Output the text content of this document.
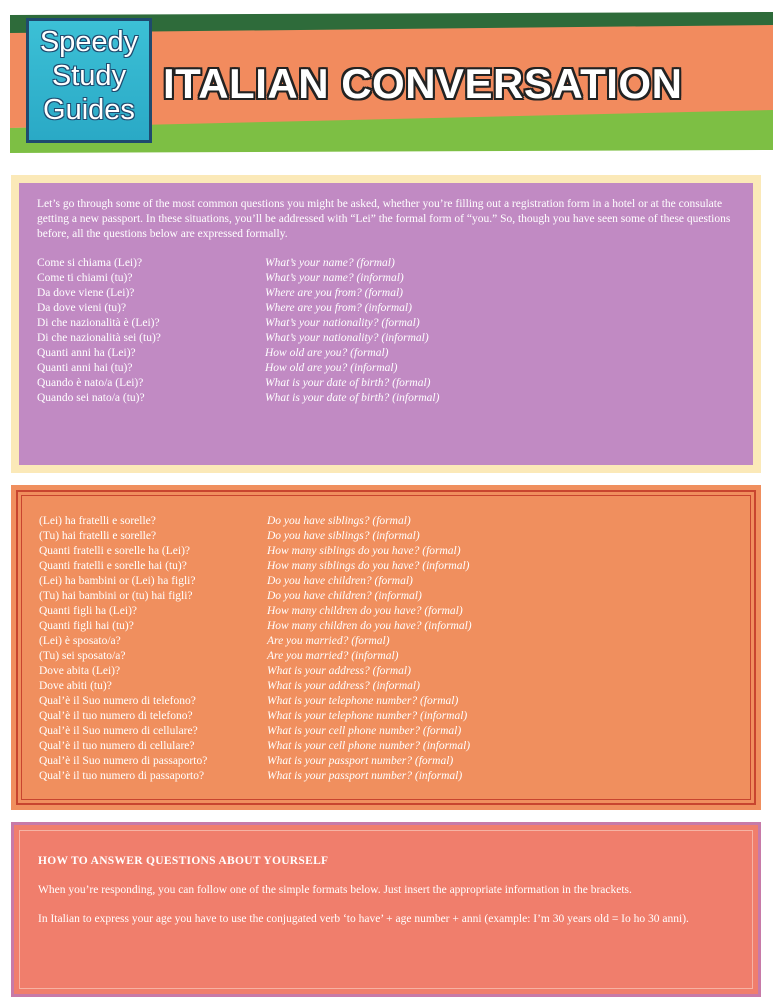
Speedy
Study
Guides
ITALIAN CONVERSATION

Let’s go through some of the most common questions you might be asked, whether you’re filling out a registration form in a hotel or at the consulate getting a new passport. In these situations, you’ll be addressed with “Lei” the formal form of “you.” So, though you have seen some of these questions before, all the questions below are expressed formally.

Come si chiama (Lei)?	What’s your name? (formal)
Come ti chiami (tu)?	What’s your name? (informal)
Da dove viene (Lei)?	Where are you from? (formal)
Da dove vieni (tu)?	Where are you from? (informal)
Di che nazionalità è (Lei)?	What’s your nationality? (formal)
Di che nazionalità sei (tu)?	What’s your nationality? (informal)
Quanti anni ha (Lei)?	How old are you? (formal)
Quanti anni hai (tu)?	How old are you? (informal)
Quando è nato/a (Lei)?	What is your date of birth? (formal)
Quando sei nato/a (tu)?	What is your date of birth? (informal)
(Lei) ha fratelli e sorelle?	Do you have siblings? (formal)
(Tu) hai fratelli e sorelle?	Do you have siblings? (informal)
Quanti fratelli e sorelle ha (Lei)?	How many siblings do you have? (formal)
Quanti fratelli e sorelle hai (tu)?	How many siblings do you have? (informal)
(Lei) ha bambini or (Lei) ha figli?	Do you have children? (formal)
(Tu) hai bambini or (tu) hai figli?	Do you have children? (informal)
Quanti figli ha (Lei)?	How many children do you have? (formal)
Quanti figli hai (tu)?	How many children do you have? (informal)
(Lei) è sposato/a?	Are you married? (formal)
(Tu) sei sposato/a?	Are you married? (informal)
Dove abita (Lei)?	What is your address? (formal)
Dove abiti (tu)?	What is your address? (informal)
Qual’è il Suo numero di telefono?	What is your telephone number? (formal)
Qual’è il tuo numero di telefono?	What is your telephone number? (informal)
Qual’è il Suo numero di cellulare?	What is your cell phone number? (formal)
Qual’è il tuo numero di cellulare?	What is your cell phone number? (informal)
Qual’è il Suo numero di passaporto?	What is your passport number? (formal)
Qual’è il tuo numero di passaporto?	What is your passport number? (informal)
HOW TO ANSWER QUESTIONS ABOUT YOURSELF

When you’re responding, you can follow one of the simple formats below. Just insert the appropriate information in the brackets.

In Italian to express your age you have to use the conjugated verb ‘to have’ + age number + anni (example: I’m 30 years old = Io ho 30 anni).
